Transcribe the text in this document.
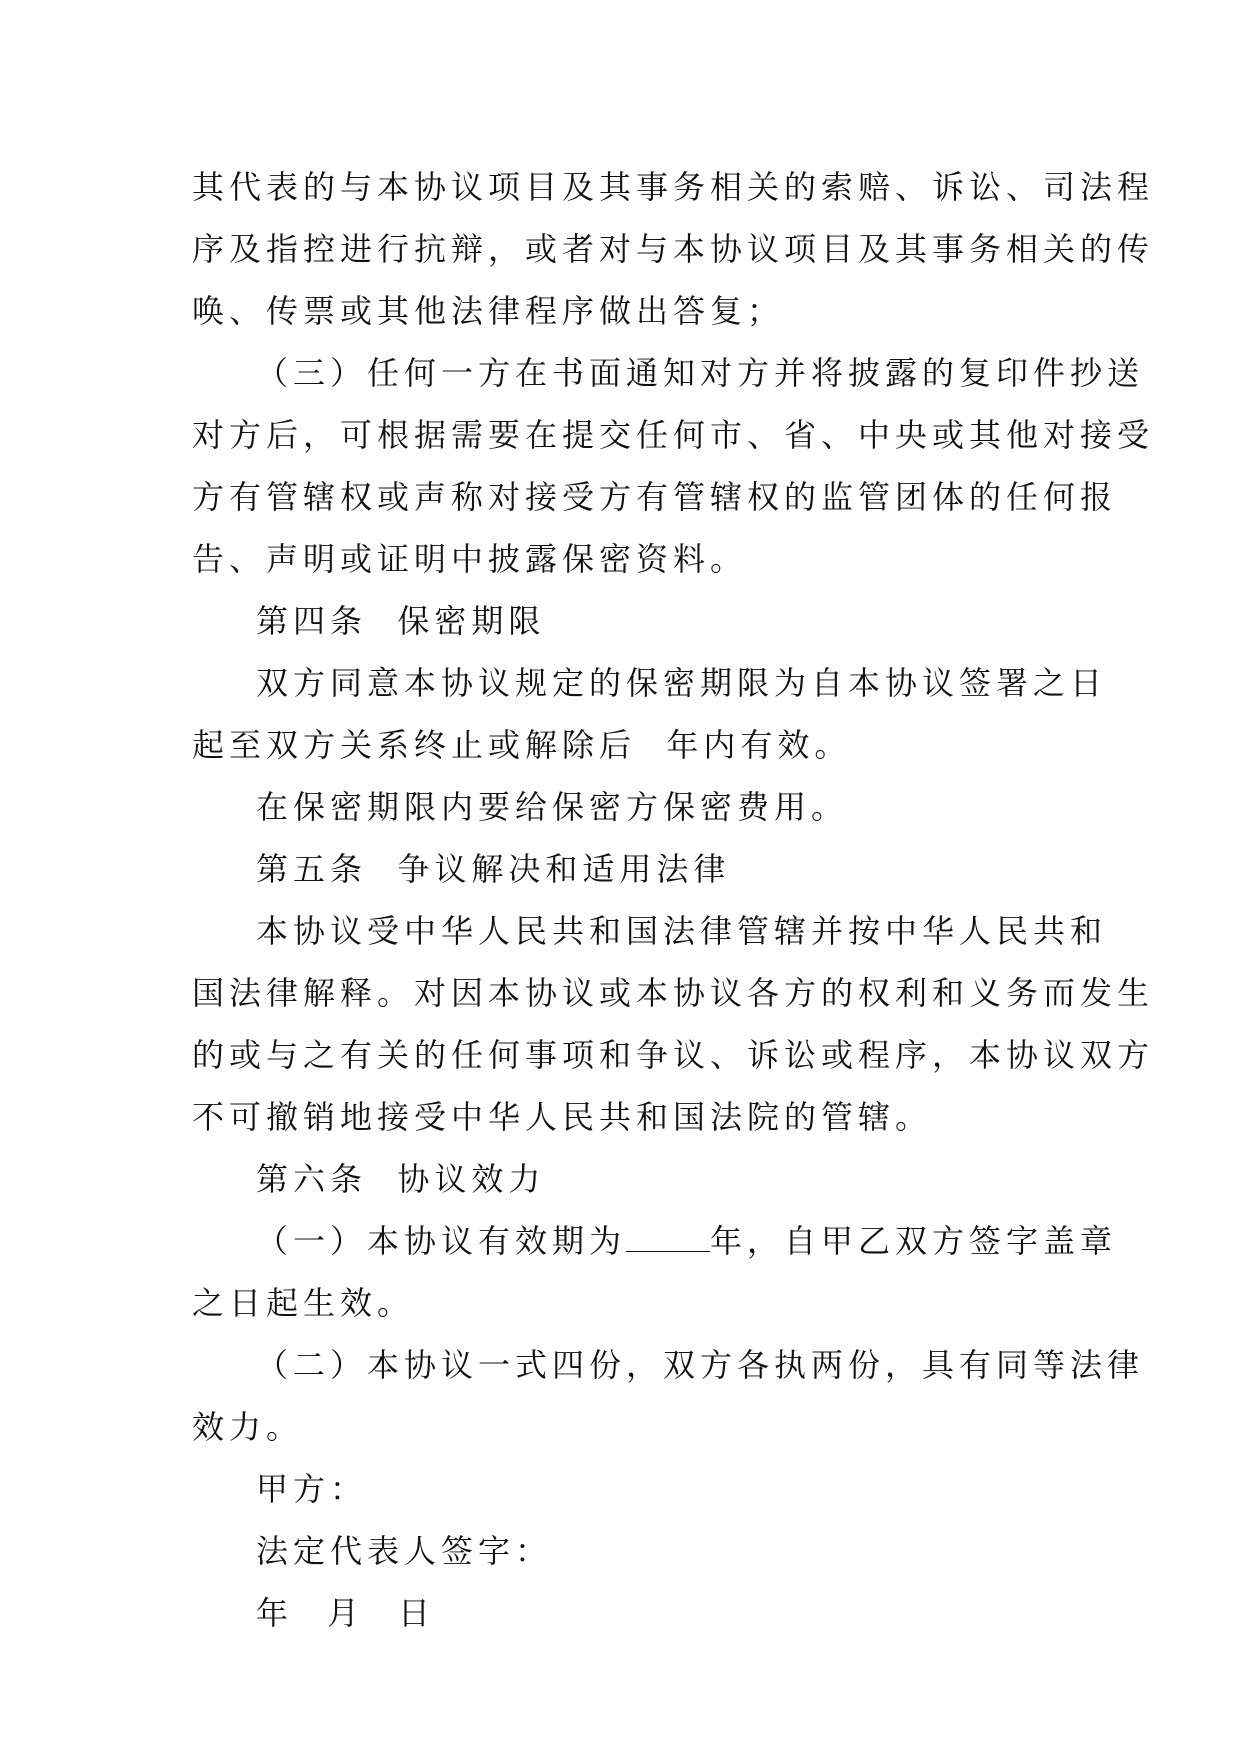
其代表的与本协议项目及其事务相关的索赔、诉讼、司法程
序及指控进行抗辩，或者对与本协议项目及其事务相关的传
唤、传票或其他法律程序做出答复；
（三）任何一方在书面通知对方并将披露的复印件抄送
对方后，可根据需要在提交任何市、省、中央或其他对接受
方有管辖权或声称对接受方有管辖权的监管团体的任何报
告、声明或证明中披露保密资料。
第四条  保密期限
双方同意本协议规定的保密期限为自本协议签署之日
起至双方关系终止或解除后  年内有效。
在保密期限内要给保密方保密费用。
第五条  争议解决和适用法律
本协议受中华人民共和国法律管辖并按中华人民共和
国法律解释。对因本协议或本协议各方的权利和义务而发生
的或与之有关的任何事项和争议、诉讼或程序，本协议双方
不可撤销地接受中华人民共和国法院的管辖。
第六条  协议效力
（一）本协议有效期为	年，自甲乙双方签字盖章
之日起生效。
（二）本协议一式四份，双方各执两份，具有同等法律
效力。
甲方：
法定代表人签字：
年 月 日
